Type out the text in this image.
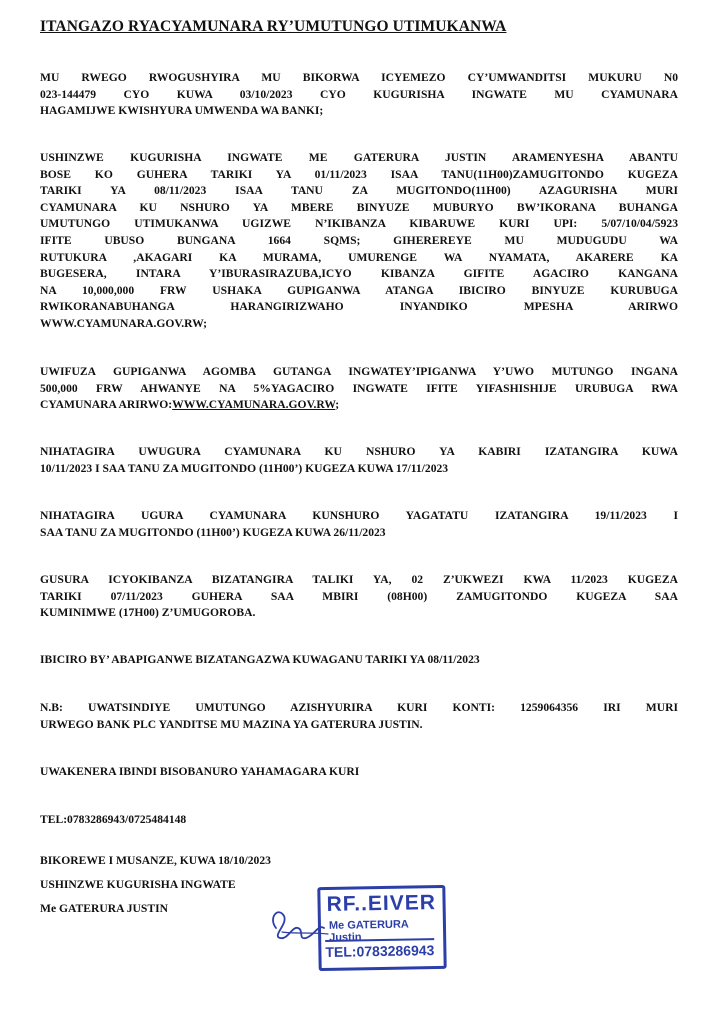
ITANGAZO RYACYAMUNARA RY’UMUTUNGO UTIMUKANWA
MU RWEGO RWOGUSHYIRA MU BIKORWA ICYEMEZO CY’UMWANDITSI MUKURU N0
023-144479 CYO KUWA 03/10/2023 CYO KUGURISHA INGWATE MU CYAMUNARA
HAGAMIJWE KWISHYURA UMWENDA WA BANKI;
USHINZWE KUGURISHA INGWATE ME GATERURA JUSTIN ARAMENYESHA ABANTU
BOSE KO GUHERA TARIKI YA 01/11/2023 ISAA TANU(11H00)ZAMUGITONDO KUGEZA
TARIKI YA 08/11/2023 ISAA TANU ZA MUGITONDO(11H00) AZAGURISHA MURI
CYAMUNARA KU NSHURO YA MBERE BINYUZE MUBURYO BW’IKORANA BUHANGA
UMUTUNGO UTIMUKANWA UGIZWE N’IKIBANZA KIBARUWE KURI UPI: 5/07/10/04/5923
IFITE UBUSO BUNGANA 1664 SQMS; GIHEREREYE MU MUDUGUDU WA
RUTUKURA ,AKAGARI KA MURAMA, UMURENGE WA NYAMATA, AKARERE KA
BUGESERA, INTARA Y’IBURASIRAZUBA,ICYO KIBANZA GIFITE AGACIRO KANGANA
NA 10,000,000 FRW USHAKA GUPIGANWA ATANGA IBICIRO BINYUZE KURUBUGA
RWIKORANABUHANGA HARANGIRIZWAHO INYANDIKO MPESHA ARIRWO
WWW.CYAMUNARA.GOV.RW;
UWIFUZA GUPIGANWA AGOMBA GUTANGA INGWATEY’IPIGANWA Y’UWO MUTUNGO INGANA
500,000 FRW AHWANYE NA 5%YAGACIRO INGWATE IFITE YIFASHISHIJE URUBUGA RWA
CYAMUNARA ARIRWO:WWW.CYAMUNARA.GOV.RW;
NIHATAGIRA UWUGURA CYAMUNARA KU NSHURO YA KABIRI IZATANGIRA KUWA
10/11/2023 I SAA TANU ZA MUGITONDO (11H00’) KUGEZA KUWA 17/11/2023
NIHATAGIRA UGURA CYAMUNARA KUNSHURO YAGATATU IZATANGIRA 19/11/2023 I
SAA TANU ZA MUGITONDO (11H00’) KUGEZA KUWA 26/11/2023
GUSURA ICYOKIBANZA BIZATANGIRA TALIKI YA, 02 Z’UKWEZI KWA 11/2023 KUGEZA
TARIKI 07/11/2023 GUHERA SAA MBIRI (08H00) ZAMUGITONDO KUGEZA SAA
KUMINIMWE (17H00) Z’UMUGOROBA.
IBICIRO BY’ ABAPIGANWE BIZATANGAZWA KUWAGANU TARIKI YA 08/11/2023
N.B: UWATSINDIYE UMUTUNGO AZISHYURIRA KURI KONTI: 1259064356 IRI MURI
URWEGO BANK PLC YANDITSE MU MAZINA YA GATERURA JUSTIN.
UWAKENERA IBINDI BISOBANURO YAHAMAGARA KURI
TEL:0783286943/0725484148
BIKOREWE I MUSANZE, KUWA 18/10/2023
USHINZWE KUGURISHA INGWATE
Me GATERURA JUSTIN	RF..EIVER
Me GATERURA Justin
TEL:0783286943
